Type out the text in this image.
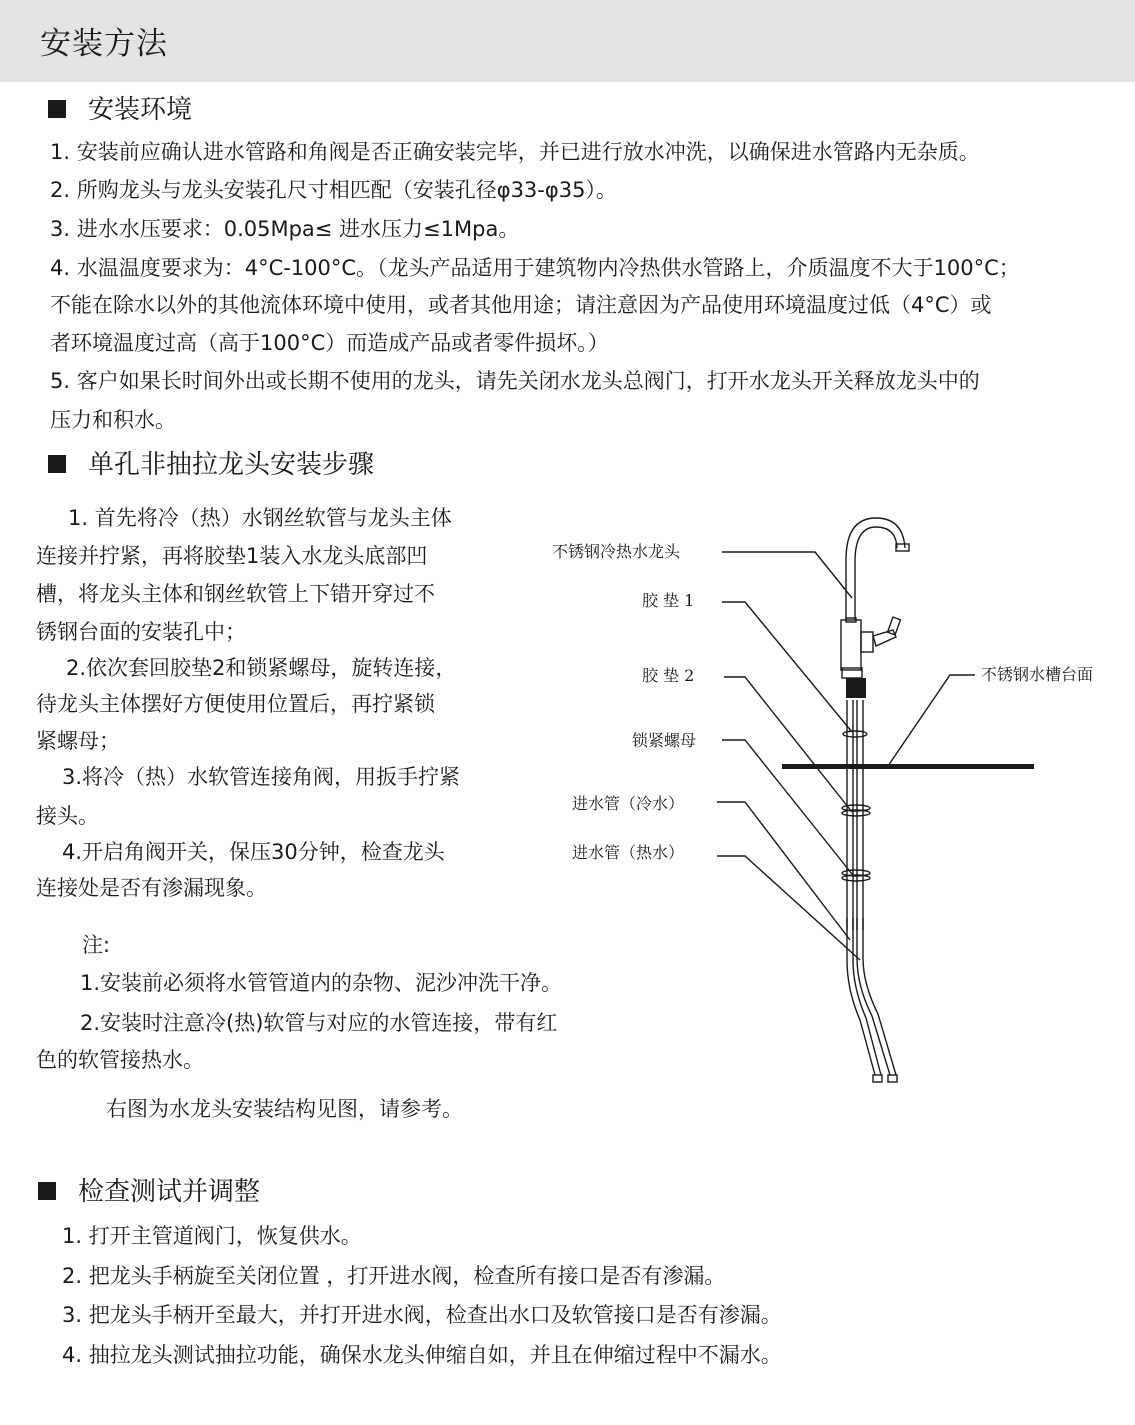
安装方法
安装环境
1. 安装前应确认进水管路和角阀是否正确安装完毕，并已进行放水冲洗，以确保进水管路内无杂质。
2. 所购龙头与龙头安装孔尺寸相匹配（安装孔径φ33-φ35）。
3. 进水水压要求：0.05Mpa≤ 进水压力≤1Mpa。
4. 水温温度要求为：4°C-100°C。（龙头产品适用于建筑物内冷热供水管路上，介质温度不大于100°C；
不能在除水以外的其他流体环境中使用，或者其他用途；请注意因为产品使用环境温度过低（4°C）或
者环境温度过高（高于100°C）而造成产品或者零件损坏。）
5. 客户如果长时间外出或长期不使用的龙头，请先关闭水龙头总阀门，打开水龙头开关释放龙头中的
压力和积水。
单孔非抽拉龙头安装步骤
1. 首先将冷（热）水钢丝软管与龙头主体
连接并拧紧，再将胶垫1装入水龙头底部凹
槽，将龙头主体和钢丝软管上下错开穿过不
锈钢台面的安装孔中；
2.依次套回胶垫2和锁紧螺母，旋转连接，
待龙头主体摆好方便使用位置后，再拧紧锁
紧螺母；
3.将冷（热）水软管连接角阀，用扳手拧紧
接头。
4.开启角阀开关，保压30分钟，检查龙头
连接处是否有渗漏现象。
注:
1.安装前必须将水管管道内的杂物、泥沙冲洗干净。
2.安装时注意冷(热)软管与对应的水管连接，带有红
色的软管接热水。
右图为水龙头安装结构见图，请参考。
不锈钢冷热水龙头
胶 垫 1
胶 垫 2
锁紧螺母
进水管（冷水）
进水管（热水）
不锈钢水槽台面
检查测试并调整
1. 打开主管道阀门，恢复供水。
2. 把龙头手柄旋至关闭位置 ，打开进水阀，检查所有接口是否有渗漏。
3. 把龙头手柄开至最大，并打开进水阀，检查出水口及软管接口是否有渗漏。
4. 抽拉龙头测试抽拉功能，确保水龙头伸缩自如，并且在伸缩过程中不漏水。
